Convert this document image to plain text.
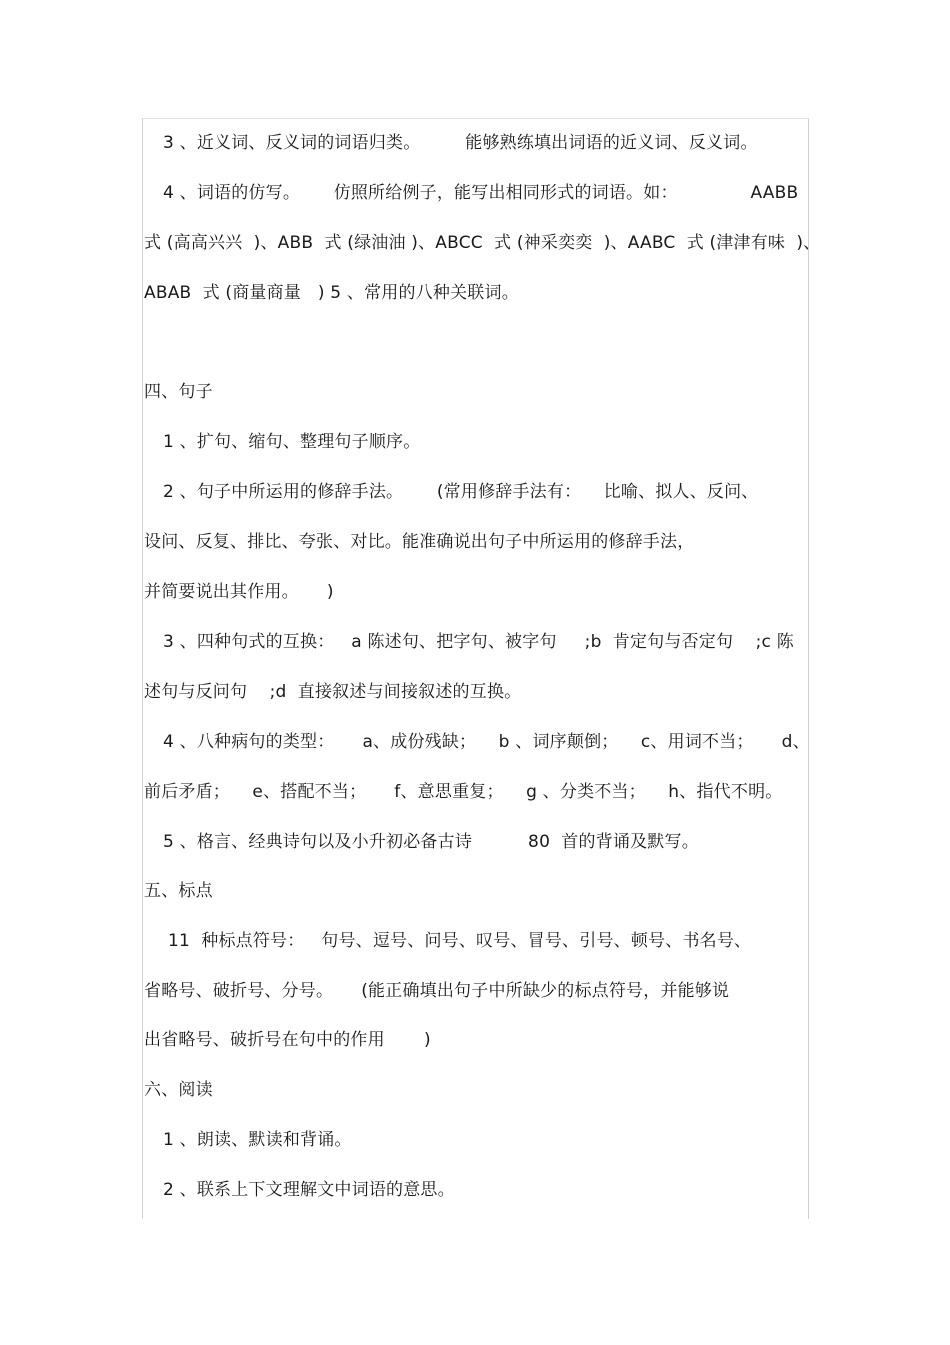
3 、近义词、反义词的词语归类。        能够熟练填出词语的近义词、反义词。
4 、词语的仿写。      仿照所给例子，能写出相同形式的词语。如：             AABB
式 (高高兴兴  )、ABB  式 (绿油油 )、ABCC  式 (神采奕奕  )、AABC  式 (津津有味  )、
ABAB  式 (商量商量   ) 5 、常用的八种关联词。
四、句子
1 、扩句、缩句、整理句子顺序。
2 、句子中所运用的修辞手法。      (常用修辞手法有：    比喻、拟人、反问、
设问、反复、排比、夸张、对比。能准确说出句子中所运用的修辞手法，
并简要说出其作用。     )
3 、四种句式的互换：   a 陈述句、把字句、被字句     ;b  肯定句与否定句    ;c 陈
述句与反问句    ;d  直接叙述与间接叙述的互换。
4 、八种病句的类型：     a、成份残缺；    b 、词序颠倒；    c、用词不当；     d、
前后矛盾；    e、搭配不当；     f、意思重复；    g 、分类不当；    h、指代不明。
5 、格言、经典诗句以及小升初必备古诗          80  首的背诵及默写。
五、标点
11  种标点符号：   句号、逗号、问号、叹号、冒号、引号、顿号、书名号、
省略号、破折号、分号。     (能正确填出句子中所缺少的标点符号，并能够说
出省略号、破折号在句中的作用       )
六、阅读
1 、朗读、默读和背诵。
2 、联系上下文理解文中词语的意思。
